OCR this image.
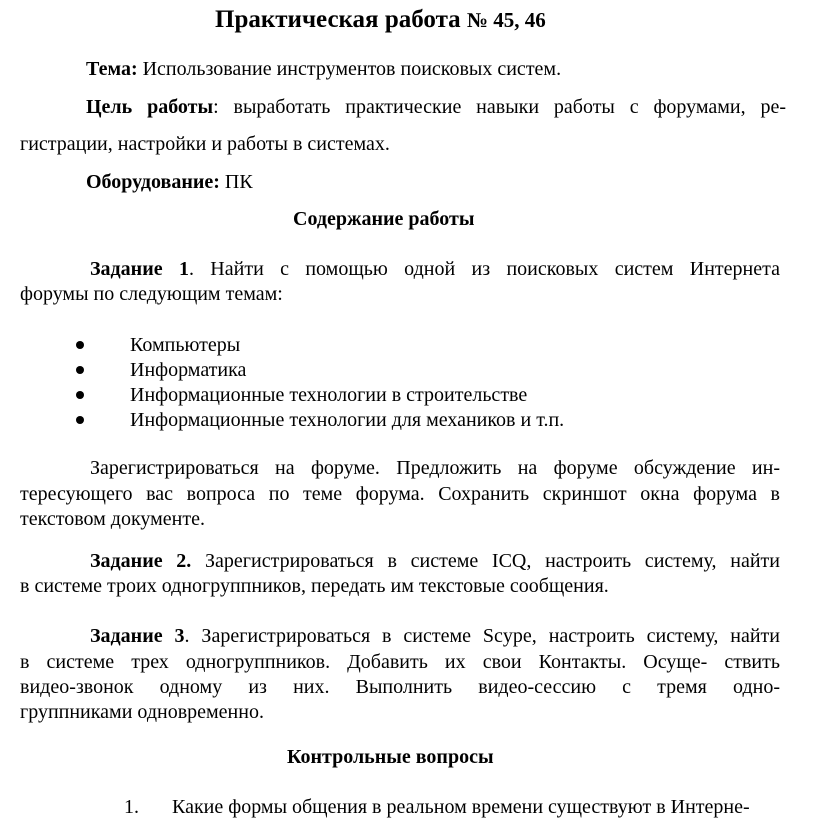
Практическая работа № 45, 46
Тема: Использование инструментов поисковых систем.
Цель работы: выработать практические навыки работы с форумами, ре-
гистрации, настройки и работы в системах.
Оборудование: ПК
Содержание работы
Задание 1. Найти с помощью одной из поисковых систем Интернета
форумы по следующим темам:
Компьютеры
Информатика
Информационные технологии в строительстве
Информационные технологии для механиков и т.п.
Зарегистрироваться на форуме. Предложить на форуме обсуждение ин-
тересующего вас вопроса по теме форума. Сохранить скриншот окна форума в
текстовом документе.
Задание 2. Зарегистрироваться в системе ICQ, настроить систему, найти
в системе троих одногруппников, передать им текстовые сообщения.
Задание 3. Зарегистрироваться в системе Scype, настроить систему, найти
в системе трех одногруппников. Добавить их свои Контакты. Осуще- ствить
видео-звонок одному из них. Выполнить видео-сессию с тремя одно-
группниками одновременно.
Контрольные вопросы
1. Какие формы общения в реальном времени существуют в Интерне-
